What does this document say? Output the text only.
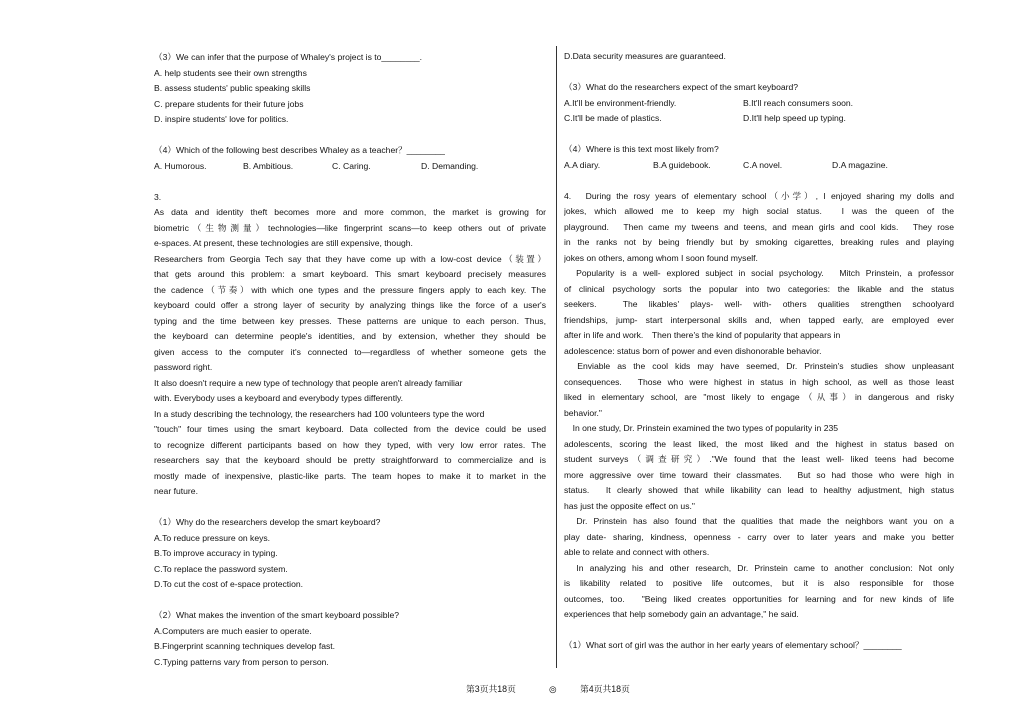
（3）We can infer that the purpose of Whaley's project is to________.
A. help students see their own strengths
B. assess students' public speaking skills
C. prepare students for their future jobs
D. inspire students' love for politics.
（4）Which of the following best describes Whaley as a teacher？________
A. Humorous.	B. Ambitious.	C. Caring.	D. Demanding.
3.
As data and identity theft becomes more and more common, the market is growing for
biometric（生物测量）technologies—like fingerprint scans—to keep others out of private
e-spaces. At present, these technologies are still expensive, though.
Researchers from Georgia Tech say that they have come up with a low-cost device（装置）
that gets around this problem: a smart keyboard. This smart keyboard precisely measures
the cadence（节奏）with which one types and the pressure fingers apply to each key. The
keyboard could offer a strong layer of security by analyzing things like the force of a user's
typing and the time between key presses. These patterns are unique to each person. Thus,
the keyboard can determine people's identities, and by extension, whether they should be
given access to the computer it's connected to—regardless of whether someone gets the
password right.
It also doesn't require a new type of technology that people aren't already familiar
with. Everybody uses a keyboard and everybody types differently.
In a study describing the technology, the researchers had 100 volunteers type the word
"touch" four times using the smart keyboard. Data collected from the device could be used
to recognize different participants based on how they typed, with very low error rates. The
researchers say that the keyboard should be pretty straightforward to commercialize and is
mostly made of inexpensive, plastic-like parts. The team hopes to make it to market in the
near future.
（1）Why do the researchers develop the smart keyboard?
A.To reduce pressure on keys.
B.To improve accuracy in typing.
C.To replace the password system.
D.To cut the cost of e-space protection.
（2）What makes the invention of the smart keyboard possible?
A.Computers are much easier to operate.
B.Fingerprint scanning techniques develop fast.
C.Typing patterns vary from person to person.
D.Data security measures are guaranteed.
（3）What do the researchers expect of the smart keyboard?
A.It'll be environment-friendly.	B.It'll reach consumers soon.
C.It'll be made of plastics.	D.It'll help speed up typing.
（4）Where is this text most likely from?
A.A diary.	B.A guidebook.	C.A novel.	D.A magazine.
4.　During the rosy years of elementary school（小学）, I enjoyed sharing my dolls and
jokes, which allowed me to keep my high social status.　I was the queen of the
playground.　Then came my tweens and teens, and mean girls and cool kids.　They rose
in the ranks not by being friendly but by smoking cigarettes, breaking rules and playing
jokes on others, among whom I soon found myself.
　Popularity is a well- explored subject in social psychology.　Mitch Prinstein, a professor
of clinical psychology sorts the popular into two categories: the likable and the status
seekers.　The likables' plays- well- with- others qualities strengthen schoolyard
friendships, jump- start interpersonal skills and, when tapped early, are employed ever
after in life and work.　Then there's the kind of popularity that appears in
adolescence: status born of power and even dishonorable behavior.
　Enviable as the cool kids may have seemed, Dr. Prinstein's studies show unpleasant
consequences.　Those who were highest in status in high school, as well as those least
liked in elementary school, are "most likely to engage（从事）in dangerous and risky
behavior."
　In one study, Dr. Prinstein examined the two types of popularity in 235
adolescents, scoring the least liked, the most liked and the highest in status based on
student surveys（调查研究）."We found that the least well- liked teens had become
more aggressive over time toward their classmates.　But so had those who were high in
status.　It clearly showed that while likability can lead to healthy adjustment, high status
has just the opposite effect on us."
　Dr. Prinstein has also found that the qualities that made the neighbors want you on a
play date- sharing, kindness, openness - carry over to later years and make you better
able to relate and connect with others.
　In analyzing his and other research, Dr. Prinstein came to another conclusion: Not only
is likability related to positive life outcomes, but it is also responsible for those
outcomes, too.　"Being liked creates opportunities for learning and for new kinds of life
experiences that help somebody gain an advantage," he said.
（1）What sort of girl was the author in her early years of elementary school？________
第3页共18页	◎	第4页共18页
